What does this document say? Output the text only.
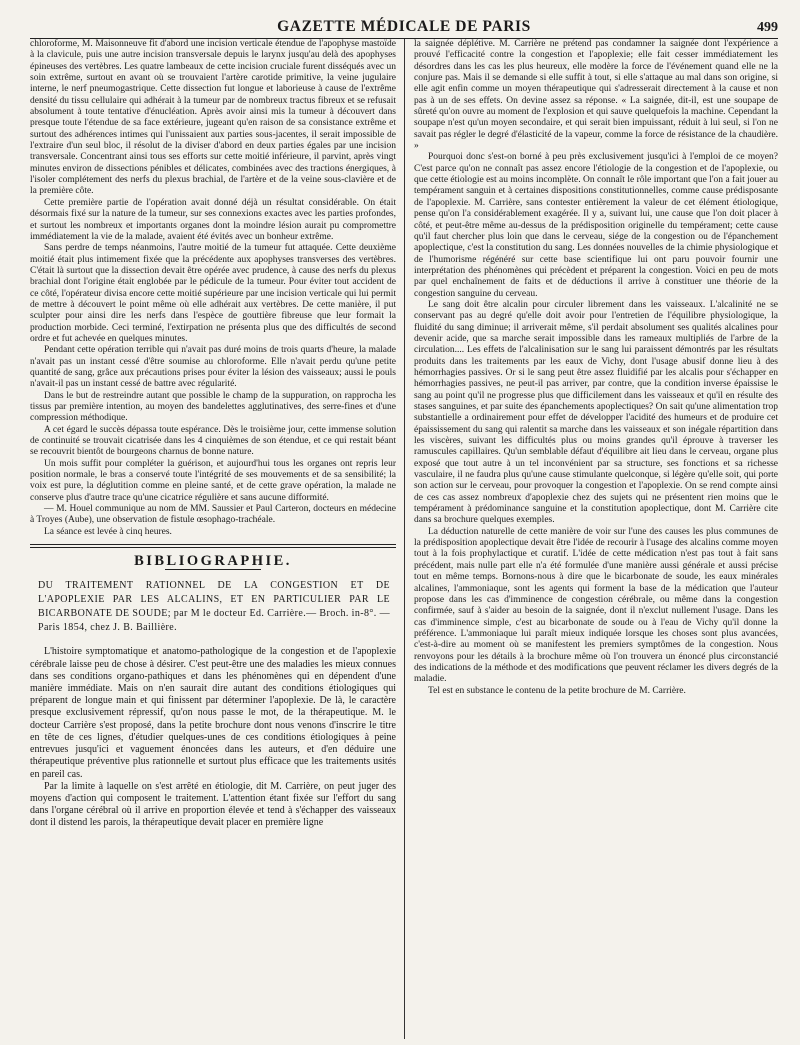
GAZETTE MÉDICALE DE PARIS	499

chloroforme, M. Maisonneuve fit d'abord une incision verticale étendue de l'apophyse mastoïde à la clavicule, puis une autre incision transversale depuis le larynx jusqu'au delà des apophyses épineuses des vertèbres. Les quatre lambeaux de cette incision cruciale furent disséqués avec un soin extrême, surtout en avant où se trouvaient l'artère carotide primitive, la veine jugulaire interne, le nerf pneumogastrique. Cette dissection fut longue et laborieuse à cause de l'extrême densité du tissu cellulaire qui adhérait à la tumeur par de nombreux tractus fibreux et se refusait absolument à toute tentative d'énucléation. Après avoir ainsi mis la tumeur à découvert dans presque toute l'étendue de sa face extérieure, jugeant qu'en raison de sa consistance extrême et surtout des adhérences intimes qui l'unissaient aux parties sous-jacentes, il serait impossible de l'extraire d'un seul bloc, il résolut de la diviser d'abord en deux parties égales par une incision transversale. Concentrant ainsi tous ses efforts sur cette moitié inférieure, il parvint, après vingt minutes environ de dissections pénibles et délicates, combinées avec des tractions énergiques, à l'isoler complétement des nerfs du plexus brachial, de l'artère et de la veine sous-clavière et de la première côte.

Cette première partie de l'opération avait donné déjà un résultat considérable. On était désormais fixé sur la nature de la tumeur, sur ses connexions exactes avec les parties profondes, et surtout les nombreux et importants organes dont la moindre lésion aurait pu compromettre immédiatement la vie de la malade, avaient été évités avec un bonheur extrême.

Sans perdre de temps néanmoins, l'autre moitié de la tumeur fut attaquée. Cette deuxième moitié était plus intimement fixée que la précédente aux apophyses transverses des vertèbres. C'était là surtout que la dissection devait être opérée avec prudence, à cause des nerfs du plexus brachial dont l'origine était englobée par le pédicule de la tumeur. Pour éviter tout accident de ce côté, l'opérateur divisa encore cette moitié supérieure par une incision verticale qui lui permit de mettre à découvert le point même où elle adhérait aux vertèbres. De cette manière, il put sculpter pour ainsi dire les nerfs dans l'espèce de gouttière fibreuse que leur formait la production morbide. Ceci terminé, l'extirpation ne présenta plus que des difficultés de second ordre et fut achevée en quelques minutes.

Pendant cette opération terrible qui n'avait pas duré moins de trois quarts d'heure, la malade n'avait pas un instant cessé d'être soumise au chloroforme. Elle n'avait perdu qu'une petite quantité de sang, grâce aux précautions prises pour éviter la lésion des vaisseaux; aussi le pouls n'avait-il pas un instant cessé de battre avec régularité.

Dans le but de restreindre autant que possible le champ de la suppuration, on rapprocha les tissus par première intention, au moyen des bandelettes agglutinatives, des serre-fines et d'une compression méthodique.

A cet égard le succès dépassa toute espérance. Dès le troisième jour, cette immense solution de continuité se trouvait cicatrisée dans les 4 cinquièmes de son étendue, et ce qui restait béant se recouvrit bientôt de bourgeons charnus de bonne nature.

Un mois suffit pour compléter la guérison, et aujourd'hui tous les organes ont repris leur position normale, le bras a conservé toute l'intégrité de ses mouvements et de sa sensibilité; la voix est pure, la déglutition comme en pleine santé, et de cette grave opération, la malade ne conserve plus d'autre trace qu'une cicatrice régulière et sans aucune difformité.

— M. Houel communique au nom de MM. Saussier et Paul Carteron, docteurs en médecine à Troyes (Aube), une observation de fistule œsophago-trachéale.

La séance est levée à cinq heures.

BIBLIOGRAPHIE.

DU TRAITEMENT RATIONNEL DE LA CONGESTION ET DE L'APOPLEXIE PAR LES ALCALINS, ET EN PARTICULIER PAR LE BICARBONATE DE SOUDE; par M le docteur Ed. Carrière.— Broch. in-8°. —Paris 1854, chez J. B. Baillière.

L'histoire symptomatique et anatomo-pathologique de la congestion et de l'apoplexie cérébrale laisse peu de chose à désirer. C'est peut-être une des maladies les mieux connues dans ses conditions organo-pathiques et dans les phénomènes qui en dépendent d'une manière immédiate. Mais on n'en saurait dire autant des conditions étiologiques qui préparent de longue main et qui finissent par déterminer l'apoplexie. De là, le caractère presque exclusivement répressif, qu'on nous passe le mot, de la thérapeutique. M. le docteur Carrière s'est proposé, dans la petite brochure dont nous venons d'inscrire le titre en tête de ces lignes, d'étudier quelques-unes de ces conditions étiologiques à peine entrevues jusqu'ici et vaguement énoncées dans les auteurs, et d'en déduire une thérapeutique préventive plus rationnelle et surtout plus efficace que les traitements usités en pareil cas.

Par la limite à laquelle on s'est arrêté en étiologie, dit M. Carrière, on peut juger des moyens d'action qui composent le traitement. L'attention étant fixée sur l'effort du sang dans l'organe cérébral où il arrive en proportion élevée et tend à s'échapper des vaisseaux dont il distend les parois, la thérapeutique devait placer en première ligne

la saignée déplétive. M. Carrière ne prétend pas condamner la saignée dont l'expérience a prouvé l'efficacité contre la congestion et l'apoplexie; elle fait cesser immédiatement les désordres dans les cas les plus heureux, elle modère la force de l'événement quand elle ne la conjure pas. Mais il se demande si elle suffit à tout, si elle s'attaque au mal dans son origine, si elle agit enfin comme un moyen thérapeutique qui s'adresserait directement à la cause et non pas à un de ses effets. On devine assez sa réponse. « La saignée, dit-il, est une soupape de sûreté qu'on ouvre au moment de l'explosion et qui sauve quelquefois la machine. Cependant la soupape n'est qu'un moyen secondaire, et qui serait bien impuissant, réduit à lui seul, si l'on ne savait pas régler le degré d'élasticité de la vapeur, comme la force de résistance de la chaudière. »

Pourquoi donc s'est-on borné à peu près exclusivement jusqu'ici à l'emploi de ce moyen? C'est parce qu'on ne connaît pas assez encore l'étiologie de la congestion et de l'apoplexie, ou que cette étiologie est au moins incomplète. On connaît le rôle important que l'on a fait jouer au tempérament sanguin et à certaines dispositions constitutionnelles, comme cause prédisposante de l'apoplexie. M. Carrière, sans contester entièrement la valeur de cet élément étiologique, pense qu'on l'a considérablement exagérée. Il y a, suivant lui, une cause que l'on doit placer à côté, et peut-être même au-dessus de la prédisposition originelle du tempérament; cette cause qu'il faut chercher plus loin que dans le cerveau, siége de la congestion ou de l'épanchement apoplectique, c'est la constitution du sang. Les données nouvelles de la chimie physiologique et de l'humorisme régénéré sur cette base scientifique lui ont paru pouvoir fournir une interprétation des phénomènes qui précèdent et préparent la congestion. Voici en peu de mots par quel enchaînement de faits et de déductions il arrive à constituer une théorie de la congestion sanguine du cerveau.

Le sang doit être alcalin pour circuler librement dans les vaisseaux. L'alcalinité ne se conservant pas au degré qu'elle doit avoir pour l'entretien de l'équilibre physiologique, la fluidité du sang diminue; il arriverait même, s'il perdait absolument ses qualités alcalines pour devenir acide, que sa marche serait impossible dans les rameaux multipliés de l'arbre de la circulation.... Les effets de l'alcalinisation sur le sang lui paraissent démontrés par les résultats produits dans les traitements par les eaux de Vichy, dont l'usage abusif donne lieu à des hémorrhagies passives. Or si le sang peut être assez fluidifié par les alcalis pour s'échapper en hémorrhagies passives, ne peut-il pas arriver, par contre, que la condition inverse épaissise le sang au point qu'il ne progresse plus que difficilement dans les vaisseaux et qu'il en résulte des stases sanguines, et par suite des épanchements apoplectiques? On sait qu'une alimentation trop substantielle a ordinairement pour effet de développer l'acidité des humeurs et de produire cet épaississement du sang qui ralentit sa marche dans les vaisseaux et son inégale répartition dans les viscères, suivant les difficultés plus ou moins grandes qu'il éprouve à traverser les ramuscules capillaires. Qu'un semblable défaut d'équilibre ait lieu dans le cerveau, organe plus exposé que tout autre à un tel inconvénient par sa structure, ses fonctions et sa richesse vasculaire, il ne faudra plus qu'une cause stimulante quelconque, si légère qu'elle soit, qui porte son action sur le cerveau, pour provoquer la congestion et l'apoplexie. On se rend compte ainsi de ces cas assez nombreux d'apoplexie chez des sujets qui ne présentent rien moins que le tempérament à prédominance sanguine et la constitution apoplectique, dont M. Carrière cite dans sa brochure quelques exemples.

La déduction naturelle de cette manière de voir sur l'une des causes les plus communes de la prédisposition apoplectique devait être l'idée de recourir à l'usage des alcalins comme moyen tout à la fois prophylactique et curatif. L'idée de cette médication n'est pas tout à fait sans précédent, mais nulle part elle n'a été formulée d'une manière aussi générale et aussi précise tout en même temps. Bornons-nous à dire que le bicarbonate de soude, les eaux minérales alcalines, l'ammoniaque, sont les agents qui forment la base de la médication que l'auteur propose dans les cas d'imminence de congestion cérébrale, ou même dans la congestion confirmée, sauf à s'aider au besoin de la saignée, dont il n'exclut nullement l'usage. Dans les cas d'imminence simple, c'est au bicarbonate de soude ou à l'eau de Vichy qu'il donne la préférence. L'ammoniaque lui paraît mieux indiquée lorsque les choses sont plus avancées, c'est-à-dire au moment où se manifestent les premiers symptômes de la congestion. Nous renvoyons pour les détails à la brochure même où l'on trouvera un énoncé plus circonstancié des indications de la méthode et des modifications que peuvent réclamer les divers degrés de la maladie.

Tel est en substance le contenu de la petite brochure de M. Carrière.
